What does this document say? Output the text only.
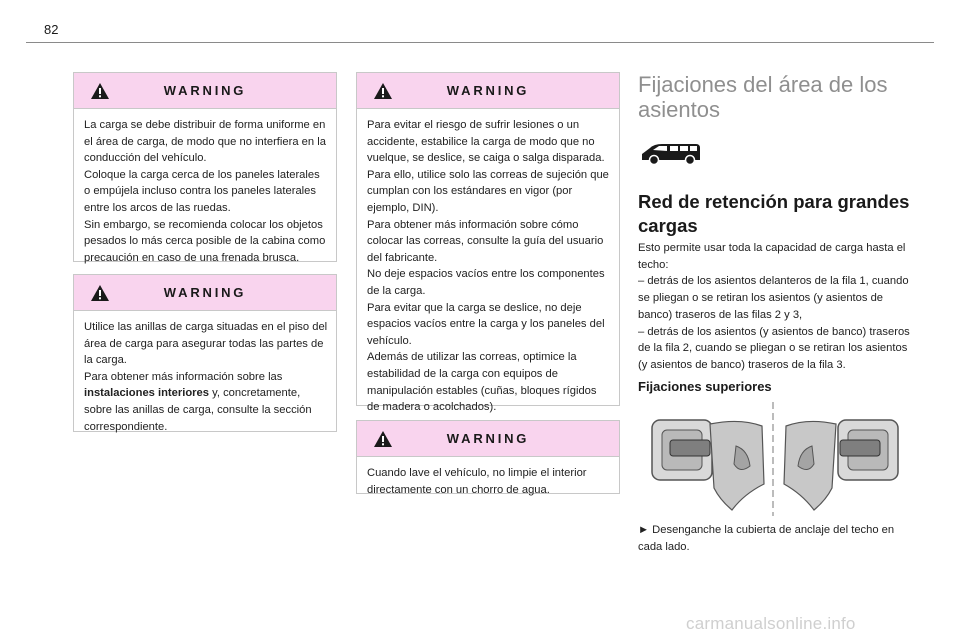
82
WARNING
La carga se debe distribuir de forma uniforme en el área de carga, de modo que no interfiera en la conducción del vehículo.
Coloque la carga cerca de los paneles laterales o empújela incluso contra los paneles laterales entre los arcos de las ruedas.
Sin embargo, se recomienda colocar los objetos pesados lo más cerca posible de la cabina como precaución en caso de una frenada brusca.
WARNING
Utilice las anillas de carga situadas en el piso del área de carga para asegurar todas las partes de la carga.
Para obtener más información sobre las instalaciones interiores y, concretamente, sobre las anillas de carga, consulte la sección correspondiente.
WARNING
Para evitar el riesgo de sufrir lesiones o un accidente, estabilice la carga de modo que no vuelque, se deslice, se caiga o salga disparada. Para ello, utilice solo las correas de sujeción que cumplan con los estándares en vigor (por ejemplo, DIN).
Para obtener más información sobre cómo colocar las correas, consulte la guía del usuario del fabricante.
No deje espacios vacíos entre los componentes de la carga.
Para evitar que la carga se deslice, no deje espacios vacíos entre la carga y los paneles del vehículo.
Además de utilizar las correas, optimice la estabilidad de la carga con equipos de manipulación estables (cuñas, bloques rígidos de madera o acolchados).
WARNING
Cuando lave el vehículo, no limpie el interior directamente con un chorro de agua.
Fijaciones del área de los asientos
Red de retención para grandes cargas

Esto permite usar toda la capacidad de carga hasta el techo:
– detrás de los asientos delanteros de la fila 1, cuando se pliegan o se retiran los asientos (y asientos de banco) traseros de las filas 2 y 3,
– detrás de los asientos (y asientos de banco) traseros de la fila 2, cuando se pliegan o se retiran los asientos (y asientos de banco) traseros de la fila 3.

Fijaciones superiores

► Desenganche la cubierta de anclaje del techo en cada lado.

carmanualsonline.info
